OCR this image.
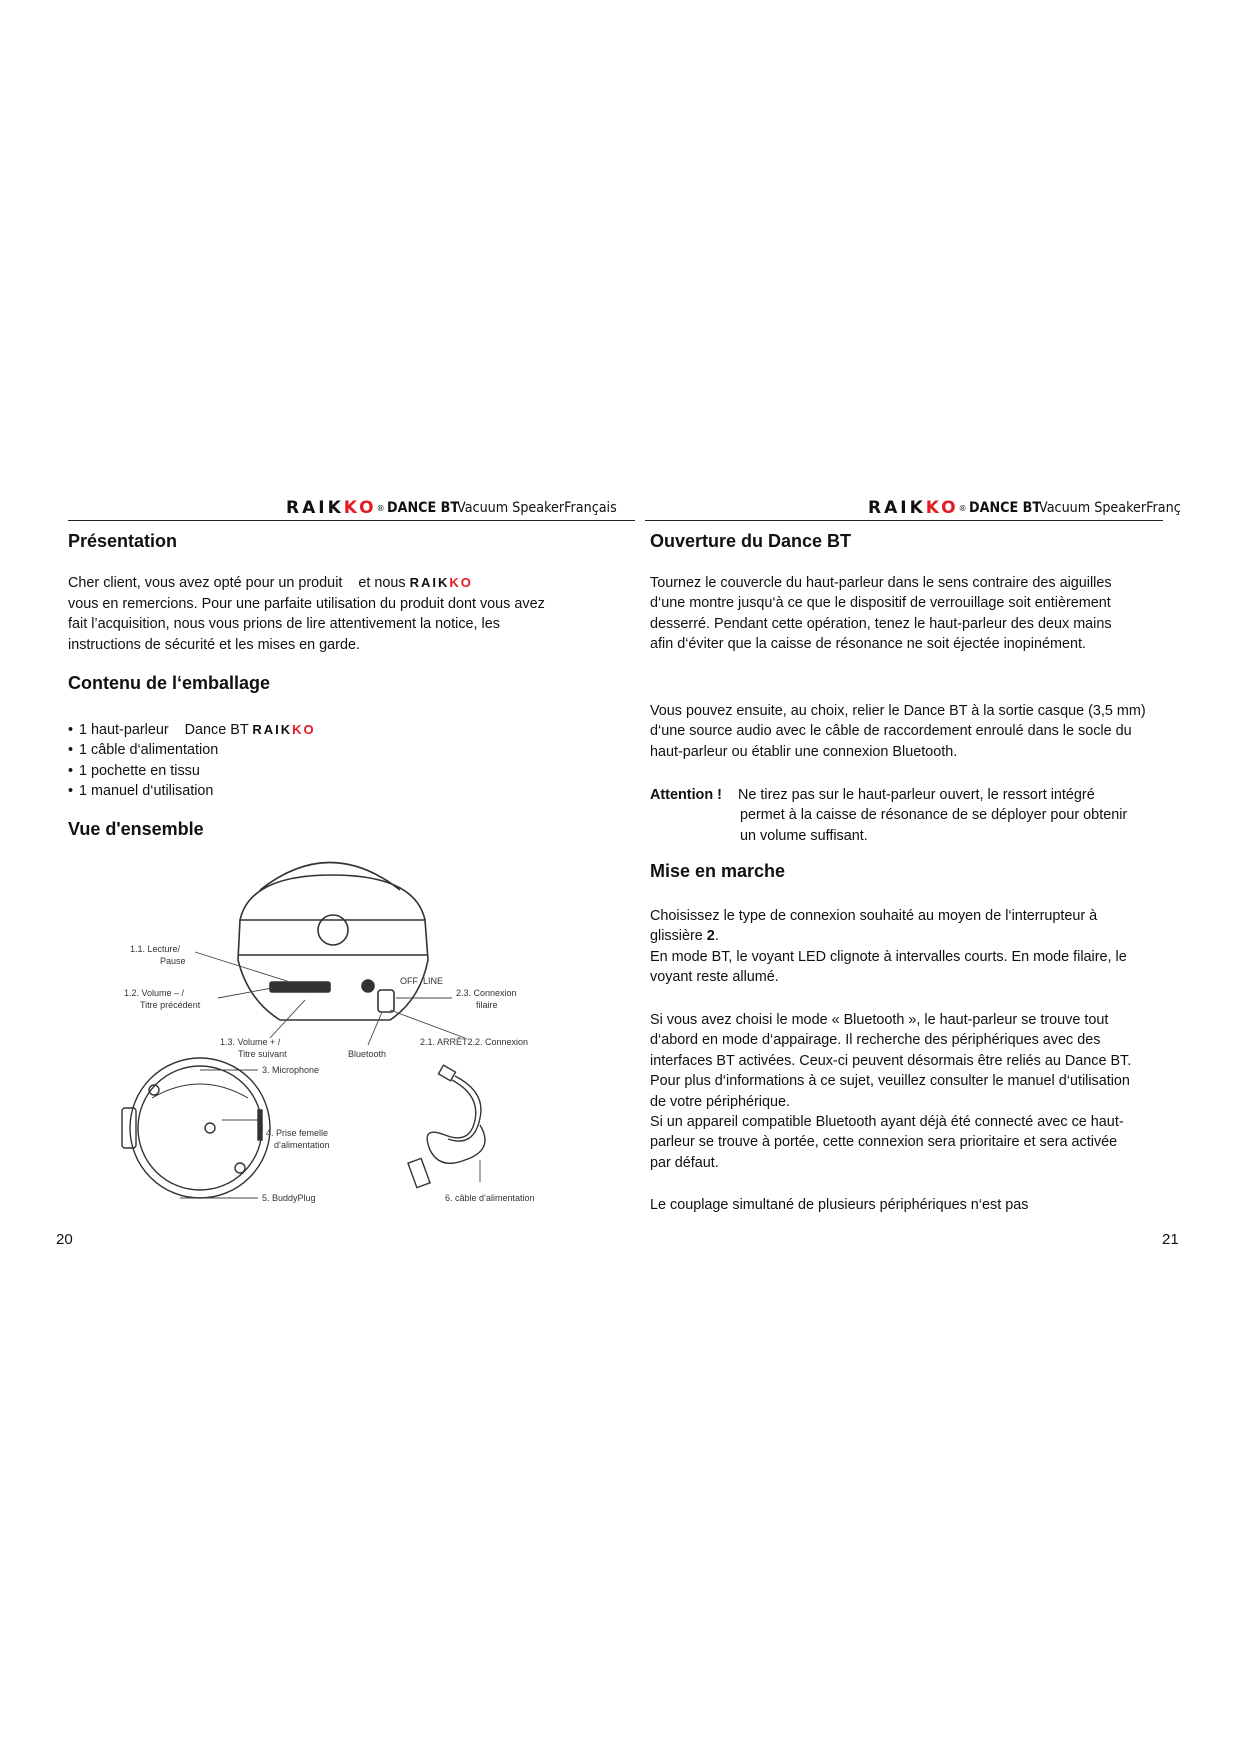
RAIKKO ® DANCE BT
Vacuum SpeakerFrançais	RAIKKO ® DANCE BT
Vacuum SpeakerFranç
Présentation

Cher client, vous avez opté pour un produit et nous RAIKKO

vous en remercions. Pour une parfaite utilisation du produit dont vous avez fait l’acquisition, nous vous prions de lire attentivement la notice, les instructions de sécurité et les mises en garde.

Contenu de l‘emballage
• 1 haut-parleur Dance BT RAIKKO
• 1 câble d‘alimentation
• 1 pochette en tissu
• 1 manuel d‘utilisation
Vue d'ensemble
OFF LINE
1.1. Lecture/
Pause
1.2. Volume – /
Titre précédent
1.3. Volume + /
Titre suivant	Bluetooth
2.1. ARRÊT2.2. Connexion
2.3. Connexion
filaire
3. Microphone
4. Prise femelle
d‘alimentation
5. BuddyPlug	6. câble d‘alimentation
20
Ouverture du Dance BT

Tournez le couvercle du haut-parleur dans le sens contraire des aiguilles d‘une montre jusqu‘à ce que le dispositif de verrouillage soit entièrement desserré. Pendant cette opération, tenez le haut-parleur des deux mains afin d‘éviter que la caisse de résonance ne soit éjectée inopinément.

Vous pouvez ensuite, au choix, relier le Dance BT à la sortie casque (3,5 mm) d‘une source audio avec le câble de raccordement enroulé dans le socle du haut-parleur ou établir une connexion Bluetooth.

Attention ! Ne tirez pas sur le haut-parleur ouvert, le ressort intégré permet à la caisse de résonance de se déployer pour obtenir un volume suffisant.

Mise en marche

Choisissez le type de connexion souhaité au moyen de l‘interrupteur à glissière 2.
En mode BT, le voyant LED clignote à intervalles courts. En mode filaire, le voyant reste allumé.

Si vous avez choisi le mode « Bluetooth », le haut-parleur se trouve tout d‘abord en mode d‘appairage. Il recherche des périphériques avec des interfaces BT activées. Ceux-ci peuvent désormais être reliés au Dance BT. Pour plus d‘informations à ce sujet, veuillez consulter le manuel d‘utilisation de votre périphérique.

Si un appareil compatible Bluetooth ayant déjà été connecté avec ce haut-parleur se trouve à portée, cette connexion sera prioritaire et sera activée par défaut.

Le couplage simultané de plusieurs périphériques n‘est pas

21
